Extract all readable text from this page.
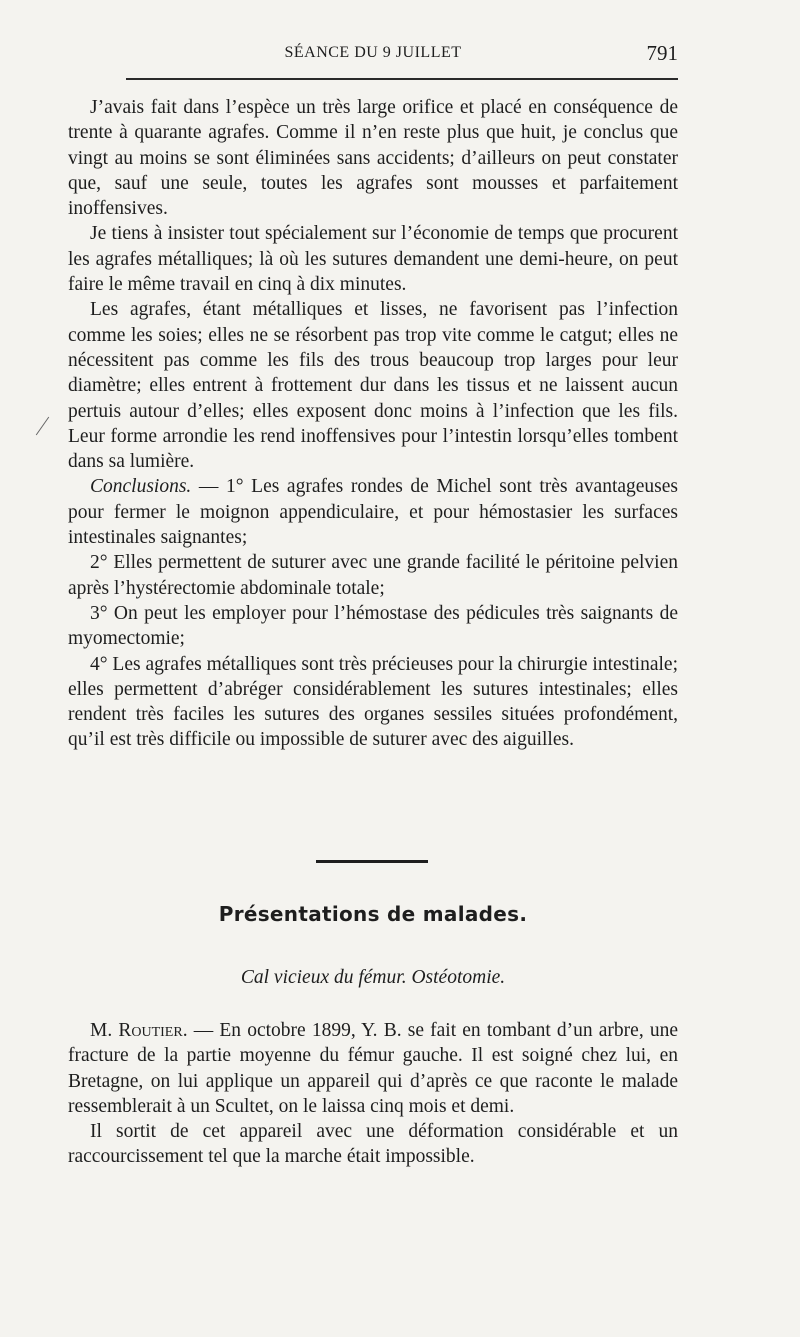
SÉANCE DU 9 JUILLET	791

J’avais fait dans l’espèce un très large orifice et placé en conséquence de trente à quarante agrafes. Comme il n’en reste plus que huit, je conclus que vingt au moins se sont éliminées sans accidents; d’ailleurs on peut constater que, sauf une seule, toutes les agrafes sont mousses et parfaitement inoffensives.

Je tiens à insister tout spécialement sur l’économie de temps que procurent les agrafes métalliques; là où les sutures demandent une demi-heure, on peut faire le même travail en cinq à dix minutes.

Les agrafes, étant métalliques et lisses, ne favorisent pas l’infection comme les soies; elles ne se résorbent pas trop vite comme le catgut; elles ne nécessitent pas comme les fils des trous beaucoup trop larges pour leur diamètre; elles entrent à frottement dur dans les tissus et ne laissent aucun pertuis autour d’elles; elles exposent donc moins à l’infection que les fils. Leur forme arrondie les rend inoffensives pour l’intestin lorsqu’elles tombent dans sa lumière.

Conclusions. — 1° Les agrafes rondes de Michel sont très avantageuses pour fermer le moignon appendiculaire, et pour hémostasier les surfaces intestinales saignantes;

2° Elles permettent de suturer avec une grande facilité le péritoine pelvien après l’hystérectomie abdominale totale;

3° On peut les employer pour l’hémostase des pédicules très saignants de myomectomie;

4° Les agrafes métalliques sont très précieuses pour la chirurgie intestinale; elles permettent d’abréger considérablement les sutures intestinales; elles rendent très faciles les sutures des organes sessiles situées profondément, qu’il est très difficile ou impossible de suturer avec des aiguilles.

Présentations de malades.
Cal vicieux du fémur. Ostéotomie.

M. Routier. — En octobre 1899, Y. B. se fait en tombant d’un arbre, une fracture de la partie moyenne du fémur gauche. Il est soigné chez lui, en Bretagne, on lui applique un appareil qui d’après ce que raconte le malade ressemblerait à un Scultet, on le laissa cinq mois et demi.

Il sortit de cet appareil avec une déformation considérable et un raccourcissement tel que la marche était impossible.
